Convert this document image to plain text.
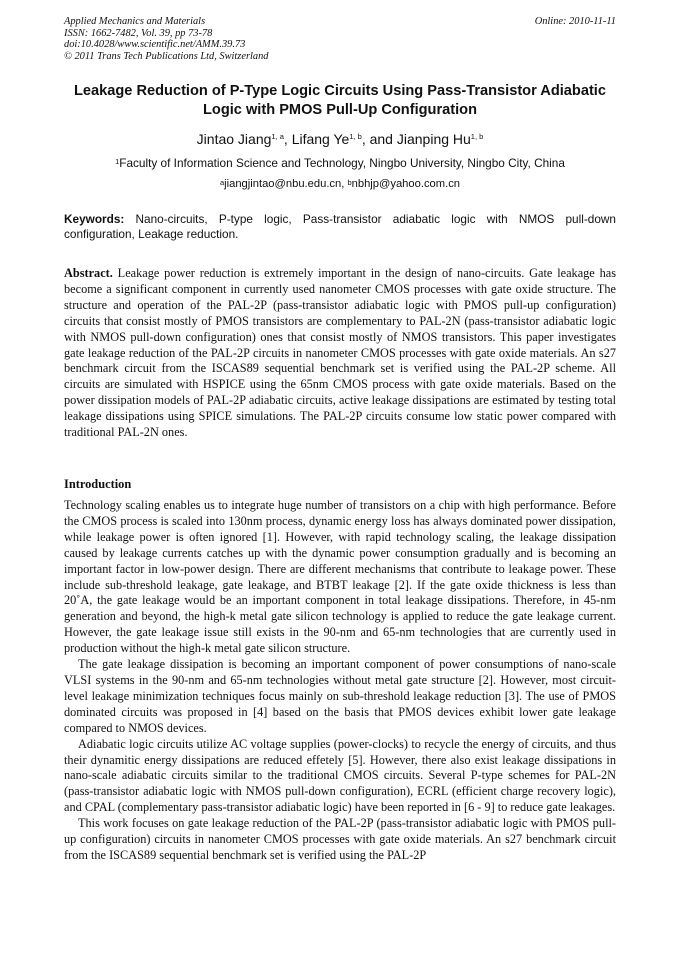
Applied Mechanics and Materials
ISSN: 1662-7482, Vol. 39, pp 73-78
doi:10.4028/www.scientific.net/AMM.39.73
© 2011 Trans Tech Publications Ltd, Switzerland
Online: 2010-11-11
Leakage Reduction of P-Type Logic Circuits Using Pass-Transistor Adiabatic Logic with PMOS Pull-Up Configuration
Jintao Jiang$^{1, a}$, Lifang Ye$^{1, b}$, and Jianping Hu$^{1, b}$
$^1$Faculty of Information Science and Technology, Ningbo University, Ningbo City, China
$^a$jiangjintao@nbu.edu.cn, $^b$nbhjp@yahoo.com.cn
Keywords: Nano-circuits, P-type logic, Pass-transistor adiabatic logic with NMOS pull-down configuration, Leakage reduction.
Abstract. Leakage power reduction is extremely important in the design of nano-circuits. Gate leakage has become a significant component in currently used nanometer CMOS processes with gate oxide structure. The structure and operation of the PAL-2P (pass-transistor adiabatic logic with PMOS pull-up configuration) circuits that consist mostly of PMOS transistors are complementary to PAL-2N (pass-transistor adiabatic logic with NMOS pull-down configuration) ones that consist mostly of NMOS transistors. This paper investigates gate leakage reduction of the PAL-2P circuits in nanometer CMOS processes with gate oxide materials. An s27 benchmark circuit from the ISCAS89 sequential benchmark set is verified using the PAL-2P scheme. All circuits are simulated with HSPICE using the 65nm CMOS process with gate oxide materials. Based on the power dissipation models of PAL-2P adiabatic circuits, active leakage dissipations are estimated by testing total leakage dissipations using SPICE simulations. The PAL-2P circuits consume low static power compared with traditional PAL-2N ones.
Introduction

Technology scaling enables us to integrate huge number of transistors on a chip with high performance. Before the CMOS process is scaled into 130nm process, dynamic energy loss has always dominated power dissipation, while leakage power is often ignored [1]. However, with rapid technology scaling, the leakage dissipation caused by leakage currents catches up with the dynamic power consumption gradually and is becoming an important factor in low-power design. There are different mechanisms that contribute to leakage power. These include sub-threshold leakage, gate leakage, and BTBT leakage [2]. If the gate oxide thickness is less than 20˚A, the gate leakage would be an important component in total leakage dissipations. Therefore, in 45-nm generation and beyond, the high-k metal gate silicon technology is applied to reduce the gate leakage current. However, the gate leakage issue still exists in the 90-nm and 65-nm technologies that are currently used in production without the high-k metal gate silicon structure.

The gate leakage dissipation is becoming an important component of power consumptions of nano-scale VLSI systems in the 90-nm and 65-nm technologies without metal gate structure [2]. However, most circuit-level leakage minimization techniques focus mainly on sub-threshold leakage reduction [3]. The use of PMOS dominated circuits was proposed in [4] based on the basis that PMOS devices exhibit lower gate leakage compared to NMOS devices.

Adiabatic logic circuits utilize AC voltage supplies (power-clocks) to recycle the energy of circuits, and thus their dynamitic energy dissipations are reduced effetely [5]. However, there also exist leakage dissipations in nano-scale adiabatic circuits similar to the traditional CMOS circuits. Several P-type schemes for PAL-2N (pass-transistor adiabatic logic with NMOS pull-down configuration), ECRL (efficient charge recovery logic), and CPAL (complementary pass-transistor adiabatic logic) have been reported in [6 - 9] to reduce gate leakages.

This work focuses on gate leakage reduction of the PAL-2P (pass-transistor adiabatic logic with PMOS pull-up configuration) circuits in nanometer CMOS processes with gate oxide materials. An s27 benchmark circuit from the ISCAS89 sequential benchmark set is verified using the PAL-2P
